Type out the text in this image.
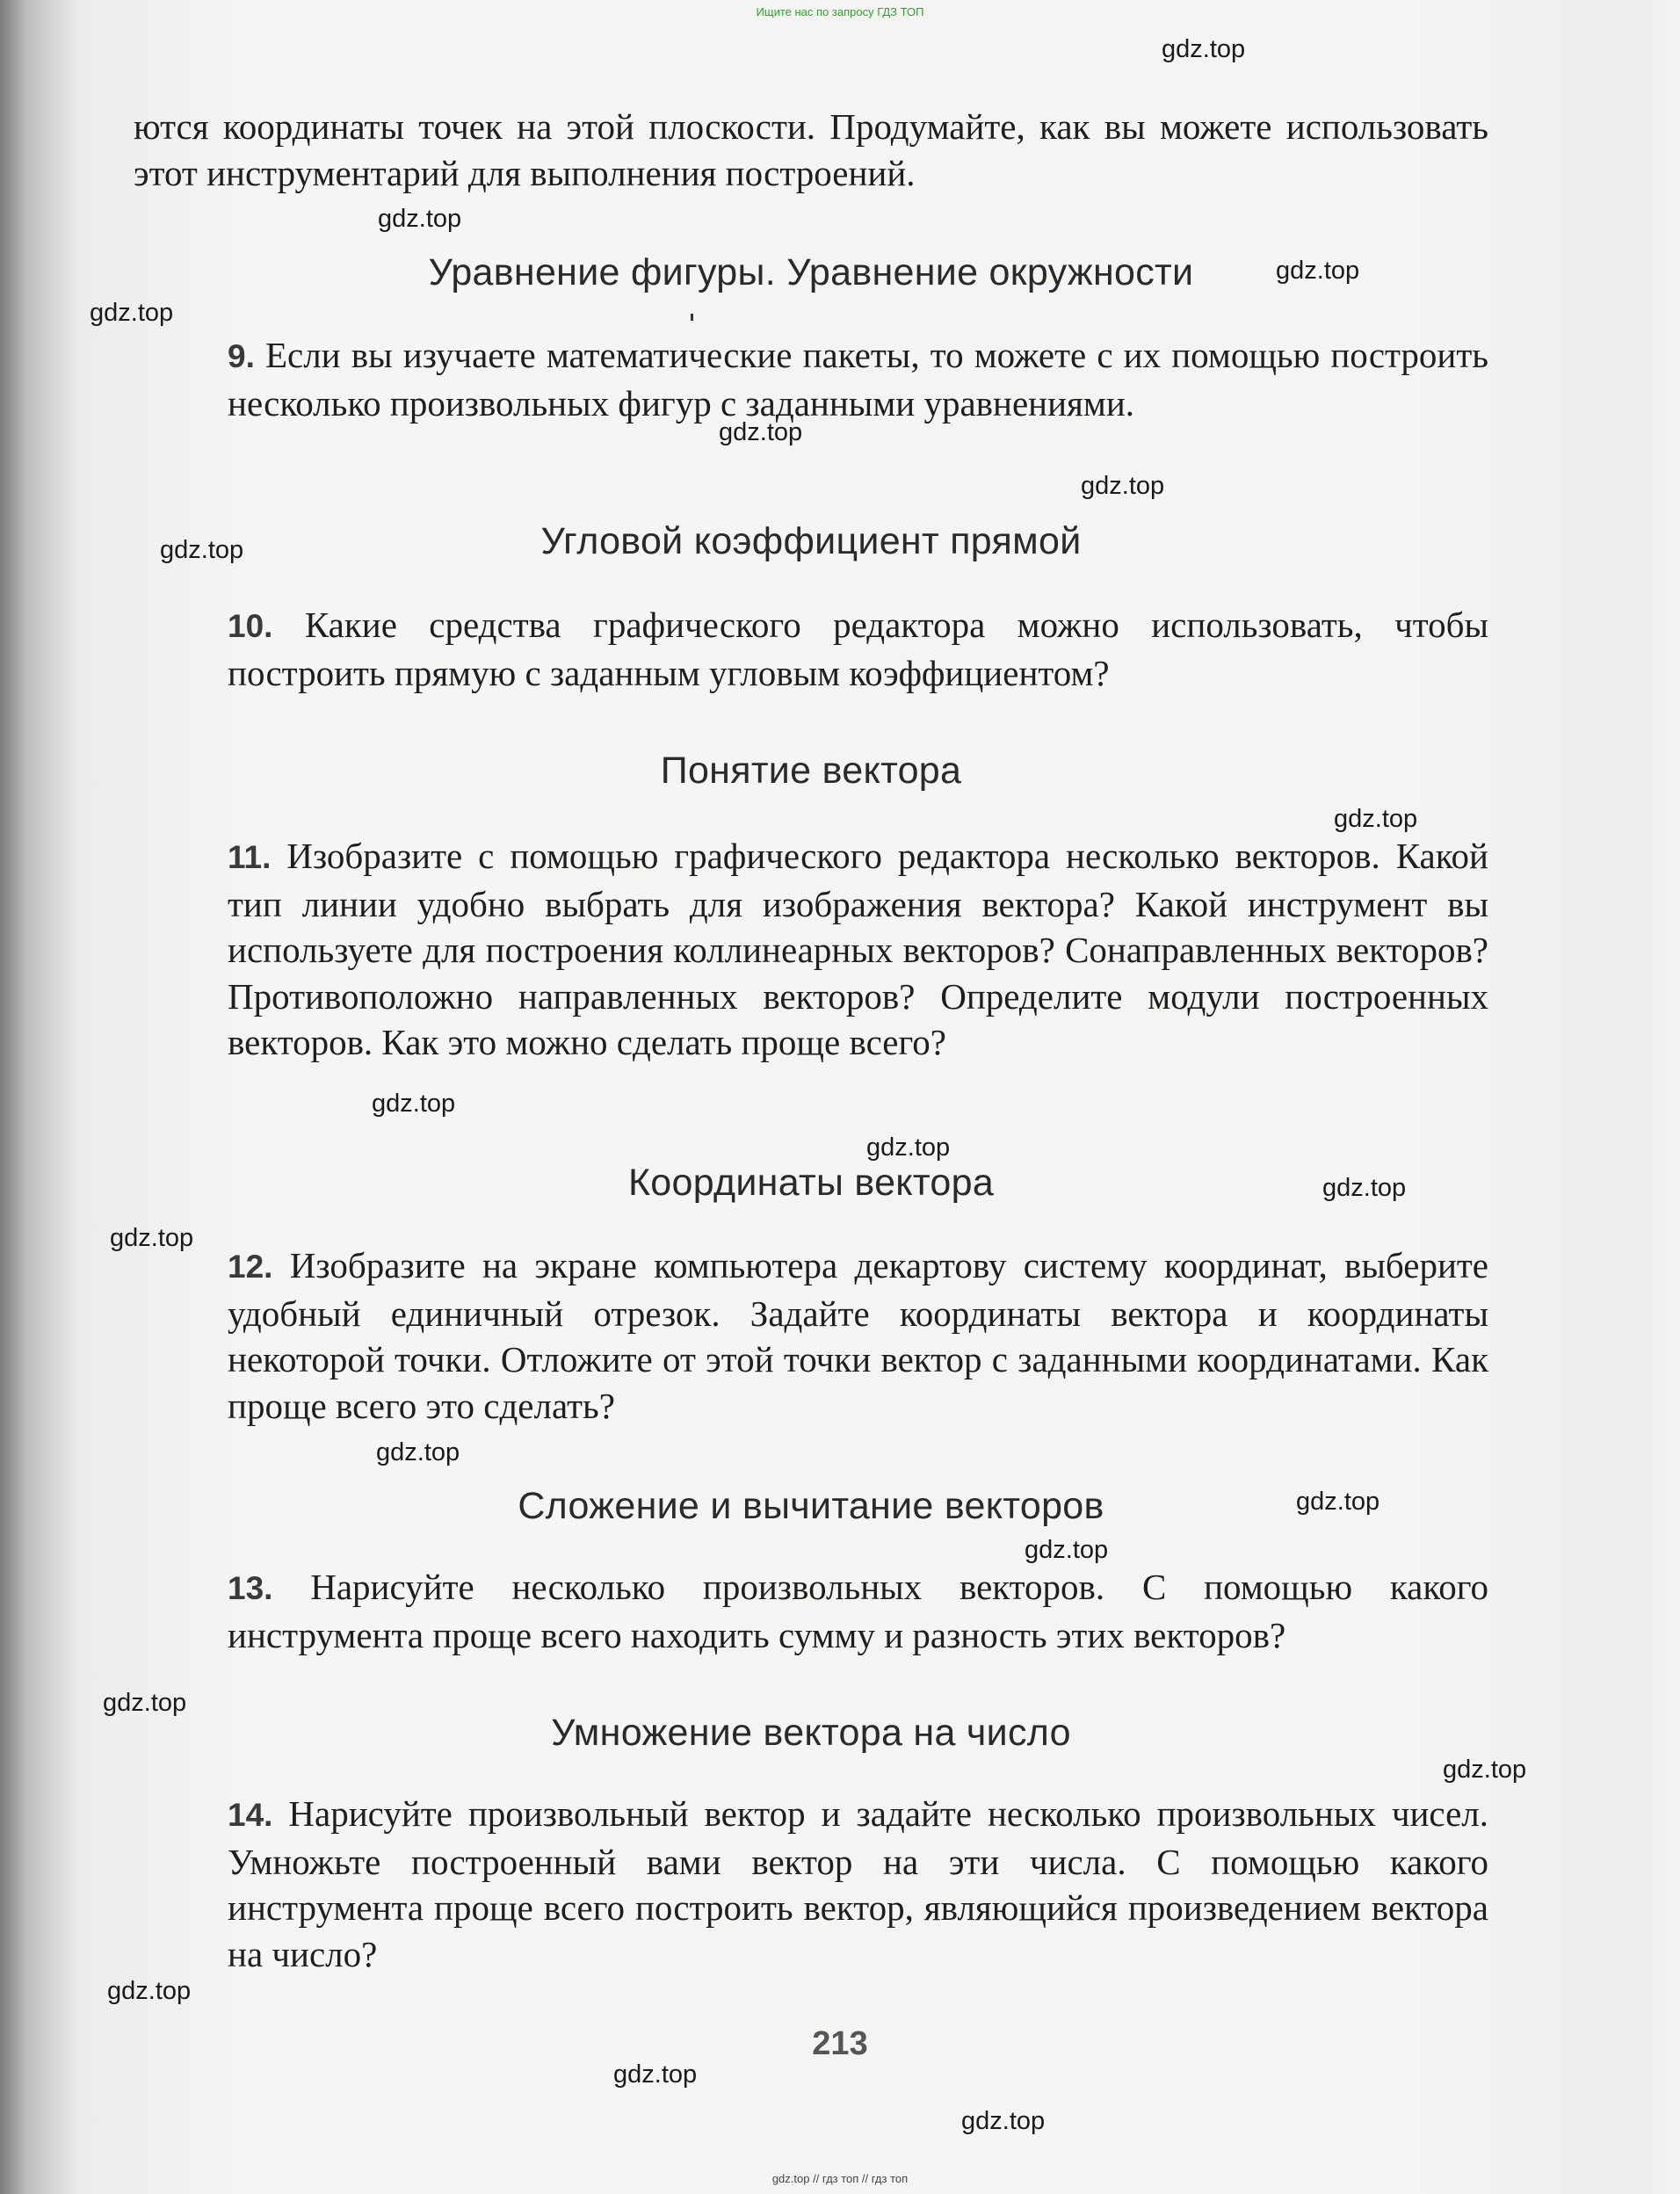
Ищите нас по запросу ГДЗ ТОП
ются координаты точек на этой плоскости. Продумайте, как вы можете использовать этот инструментарий для выполнения построений.
Уравнение фигуры. Уравнение окружности
9. Если вы изучаете математические пакеты, то можете с их помощью построить несколько произвольных фигур с заданными уравнениями.
Угловой коэффициент прямой
10. Какие средства графического редактора можно использовать, чтобы построить прямую с заданным угловым коэффициентом?
Понятие вектора
11. Изобразите с помощью графического редактора несколько векторов. Какой тип линии удобно выбрать для изображения вектора? Какой инструмент вы используете для построения коллинеарных векторов? Сонаправленных векторов? Противоположно направленных векторов? Определите модули построенных векторов. Как это можно сделать проще всего?
Координаты вектора
12. Изобразите на экране компьютера декартову систему координат, выберите удобный единичный отрезок. Задайте координаты вектора и координаты некоторой точки. Отложите от этой точки вектор с заданными координатами. Как проще всего это сделать?
Сложение и вычитание векторов
13. Нарисуйте несколько произвольных векторов. С помощью какого инструмента проще всего находить сумму и разность этих векторов?
Умножение вектора на число
14. Нарисуйте произвольный вектор и задайте несколько произвольных чисел. Умножьте построенный вами вектор на эти числа. С помощью какого инструмента проще всего построить вектор, являющийся произведением вектора на число?
213
gdz.top
gdz.top
gdz.top
gdz.top
gdz.top
gdz.top
gdz.top
gdz.top
gdz.top
gdz.top
gdz.top
gdz.top
gdz.top
gdz.top
gdz.top
gdz.top
gdz.top
gdz.top
gdz.top
gdz.top
gdz.top // гдз топ // гдз топ
